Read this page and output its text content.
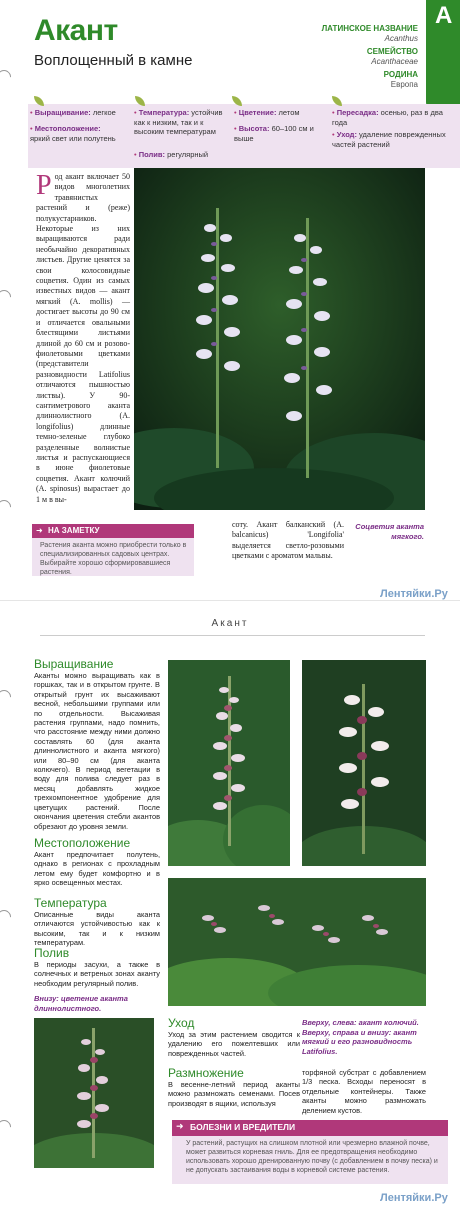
Акант
Воплощенный в камне
А
ЛАТИНСКОЕ НАЗВАНИЕ
Acanthus
СЕМЕЙСТВО
Acanthaceae
РОДИНА
Европа
• Выращивание: легкое
• Местоположение:
яркий свет или полутень
• Температура: устойчив как к низким, так и к высоким температурам
• Полив: регулярный
• Цветение: летом
• Высота: 60–100 см и выше
• Пересадка: осенью, раз в два года
• Уход: удаление поврежденных частей растений
Род акант включает 50 видов многолетних травянистых растений и (реже) полукустарников. Некоторые из них выращиваются ради необычайно декоративных листьев. Другие ценятся за свои колосовидные соцветия. Один из самых известных видов — акант мягкий (A. mollis) — достигает высоты до 90 см и отличается овальными блестящими листьями длиной до 60 см и розово-фиолетовыми цветками (представители разновидности Latifolius отличаются пышностью листвы). У 90-сантиметрового аканта длиннолистного (A. longifolius) длинные темно-зеленые глубоко разделенные волнистые листья и распускающиеся в июне фиолетовые соцветия. Акант колючий (A. spinosus) вырастает до 1 м в вы-
соту. Акант балканский (A. balcanicus) 'Longifolia' выделяется светло-розовыми цветками с ароматом мальвы.
Соцветия аканта мягкого.
НА ЗАМЕТКУ
➜
Растения аканта можно приобрести только в специализированных садовых центрах. Выбирайте хорошо сформировавшиеся растения.
Лентяйки.Ру
Акант
Выращивание
Аканты можно выращивать как в горшках, так и в открытом грунте. В открытый грунт их высаживают весной, небольшими группами или по отдельности. Высаживая растения группами, надо помнить, что расстояние между ними должно составлять 60 (для аканта длиннолистного и аканта мягкого) или 80–90 см (для аканта колючего). В период вегетации в воду для полива следует раз в месяц добавлять жидкое трехкомпонентное удобрение для цветущих растений. После окончания цветения стебли акантов обрезают до уровня земли.
Местоположение
Акант предпочитает полутень, однако в регионах с прохладным летом ему будет комфортно и в ярко освещенных местах.
Температура
Описанные виды аканта отличаются устойчивостью как к высоким, так и к низким температурам.
Полив
В периоды засухи, а также в солнечных и ветреных зонах аканту необходим регулярный полив.
Внизу: цветение аканта длиннолистного.
Уход
Уход за этим растением сводится к удалению его пожелтевших или поврежденных частей.
Вверху, слева: акант колючий. Вверху, справа и внизу: акант мягкий и его разновидность Latifolius.
Размножение
В весенне-летний период аканты можно размножать семенами. Посев производят в ящики, используя
торфяной субстрат с добавлением 1/3 песка. Всходы переносят в отдельные контейнеры. Также аканты можно размножать делением кустов.
БОЛЕЗНИ И ВРЕДИТЕЛИ
➜
У растений, растущих на слишком плотной или чрезмерно влажной почве, может развиться корневая гниль. Для ее предотвращения необходимо использовать хорошо дренированную почву (с добавлением в почву песка) и не допускать застаивания воды в корневой системе растения.
Лентяйки.Ру
